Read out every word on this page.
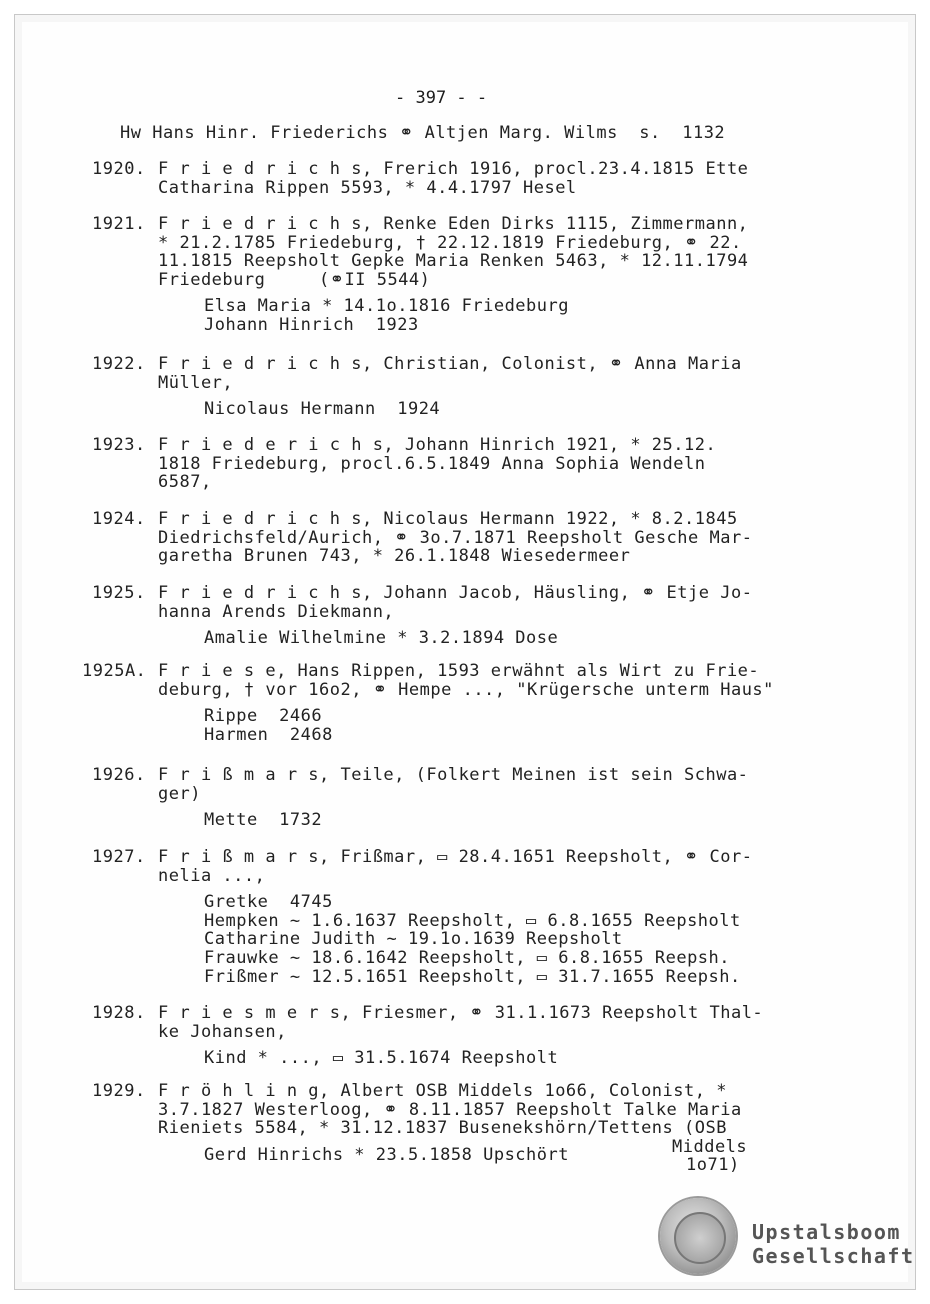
- 397 - -
Hw Hans Hinr. Friederichs ⚭ Altjen Marg. Wilms  s.  1132
1920. F r i e d r i c h s, Frerich 1916, procl.23.4.1815 Ette
Catharina Rippen 5593, * 4.4.1797 Hesel
1921. F r i e d r i c h s, Renke Eden Dirks 1115, Zimmermann,
* 21.2.1785 Friedeburg, † 22.12.1819 Friedeburg, ⚭ 22.
11.1815 Reepsholt Gepke Maria Renken 5463, * 12.11.1794
Friedeburg     (⚭II 5544)
Elsa Maria * 14.1o.1816 Friedeburg
Johann Hinrich  1923
1922. F r i e d r i c h s, Christian, Colonist, ⚭ Anna Maria
Müller,
Nicolaus Hermann  1924
1923. F r i e d e r i c h s, Johann Hinrich 1921, * 25.12.
1818 Friedeburg, procl.6.5.1849 Anna Sophia Wendeln
6587,
1924. F r i e d r i c h s, Nicolaus Hermann 1922, * 8.2.1845
Diedrichsfeld/Aurich, ⚭ 3o.7.1871 Reepsholt Gesche Mar-
garetha Brunen 743, * 26.1.1848 Wiesedermeer
1925. F r i e d r i c h s, Johann Jacob, Häusling, ⚭ Etje Jo-
hanna Arends Diekmann,
Amalie Wilhelmine * 3.2.1894 Dose
1925A. F r i e s e, Hans Rippen, 1593 erwähnt als Wirt zu Frie-
deburg, † vor 16o2, ⚭ Hempe ..., "Krügersche unterm Haus"
Rippe  2466
Harmen  2468
1926. F r i ß m a r s, Teile, (Folkert Meinen ist sein Schwa-
ger)
Mette  1732
1927. F r i ß m a r s, Frißmar, ▭ 28.4.1651 Reepsholt, ⚭ Cor-
nelia ...,
Gretke  4745
Hempken ~ 1.6.1637 Reepsholt, ▭ 6.8.1655 Reepsholt
Catharine Judith ~ 19.1o.1639 Reepsholt
Frauwke ~ 18.6.1642 Reepsholt, ▭ 6.8.1655 Reepsh.
Frißmer ~ 12.5.1651 Reepsholt, ▭ 31.7.1655 Reepsh.
1928. F r i e s m e r s, Friesmer, ⚭ 31.1.1673 Reepsholt Thal-
ke Johansen,
Kind * ..., ▭ 31.5.1674 Reepsholt
1929. F r ö h l i n g, Albert OSB Middels 1o66, Colonist, *
3.7.1827 Westerloog, ⚭ 8.11.1857 Reepsholt Talke Maria
Rieniets 5584, * 31.12.1837 Busenekshörn/Tettens (OSB
Gerd Hinrichs * 23.5.1858 Upschört	Middels
1o71)
Upstalsboom
Gesellschaft
